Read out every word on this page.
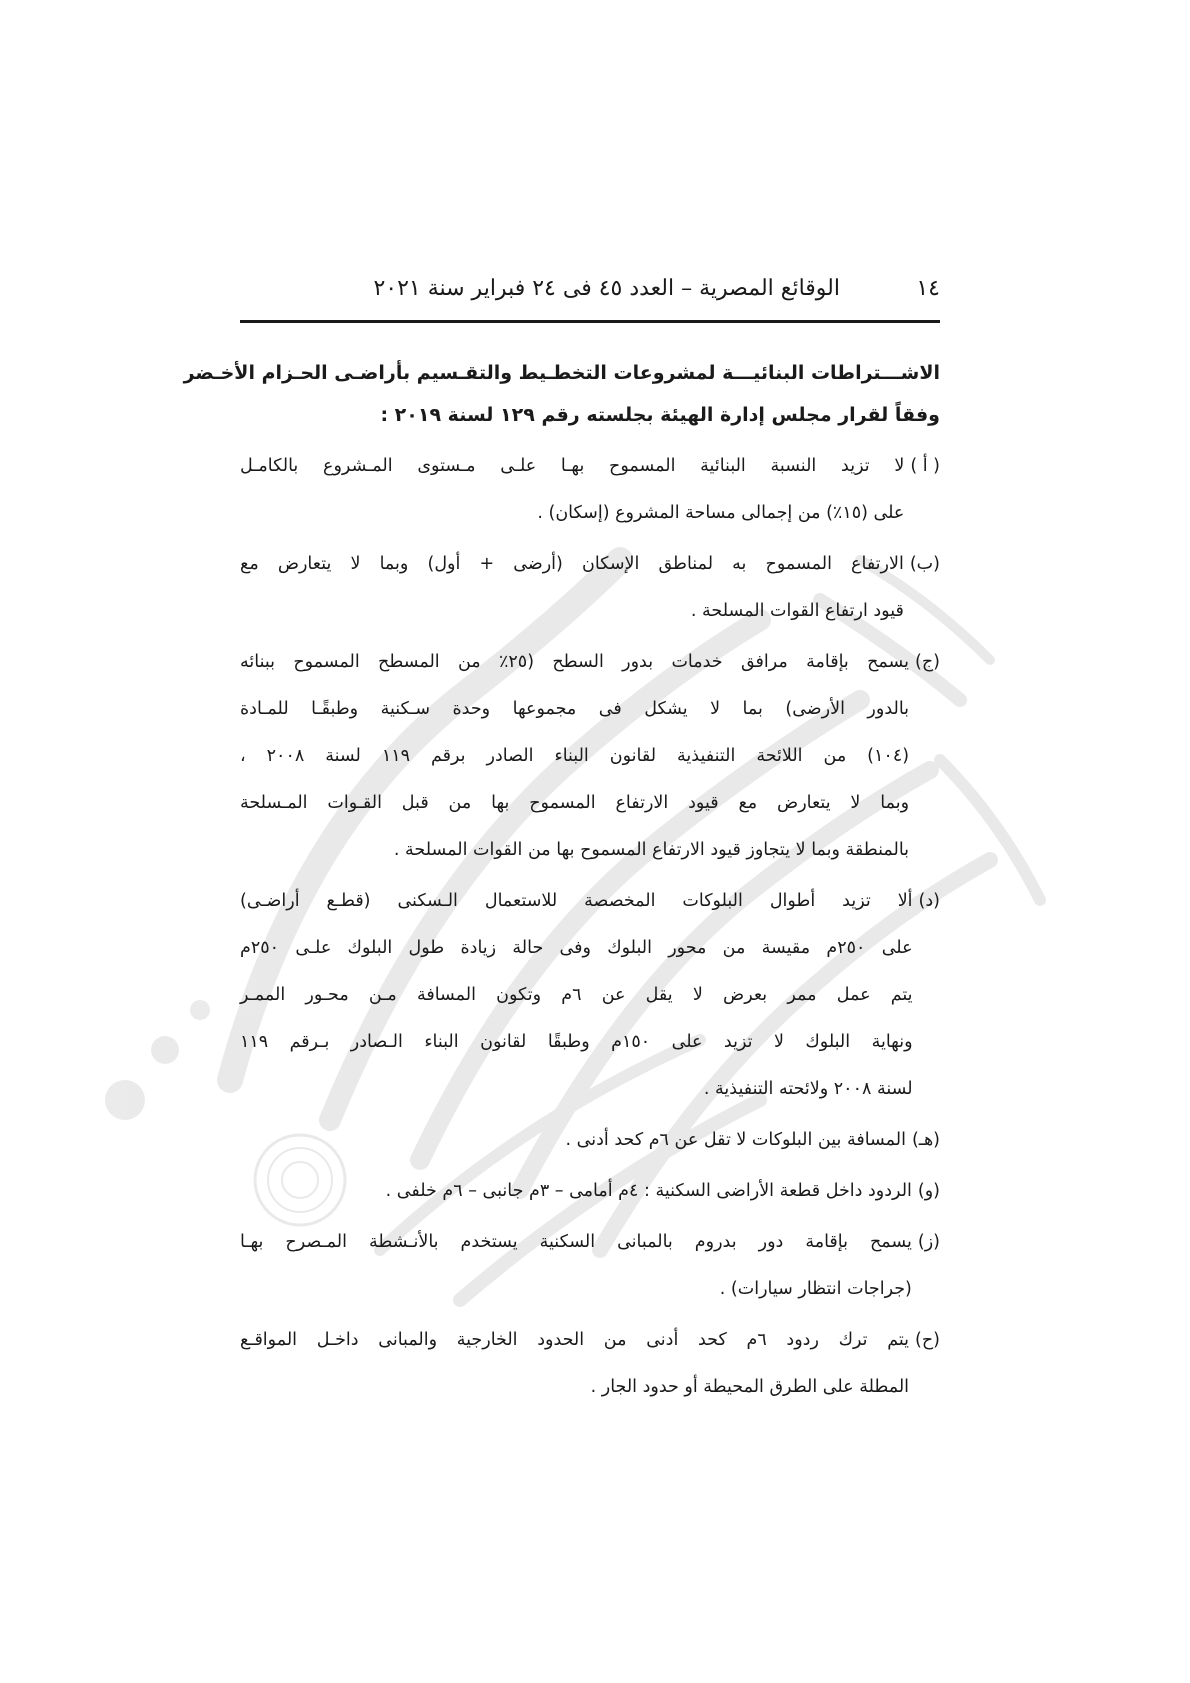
١٤
الوقائع المصرية – العدد ٤٥ فى ٢٤ فبراير سنة ٢٠٢١
الاشـــتراطات البنائيـــة لمشروعات التخطـيط والتقـسيم بأراضـى الحـزام الأخـضر
وفقاً لقرار مجلس إدارة الهيئة بجلسته رقم ١٢٩ لسنة ٢٠١٩ :
( أ )
لا تزيد النسبة البنائية المسموح بهـا علـى مـستوى المـشروع بالكامـل
على (١٥٪) من إجمالى مساحة المشروع (إسكان) .
(ب)
الارتفاع المسموح به لمناطق الإسكان (أرضى + أول) وبما لا يتعارض مع
قيود ارتفاع القوات المسلحة .
(ج)
يسمح بإقامة مرافق خدمات بدور السطح (٢٥٪ من المسطح المسموح ببنائه
بالدور الأرضى) بما لا يشكل فى مجموعها وحدة سـكنية وطبقًـا للمـادة
(١٠٤) من اللائحة التنفيذية لقانون البناء الصادر برقم ١١٩ لسنة ٢٠٠٨ ،
وبما لا يتعارض مع قيود الارتفاع المسموح بها من قبل القـوات المـسلحة
بالمنطقة وبما لا يتجاوز قيود الارتفاع المسموح بها من القوات المسلحة .
(د)
ألا تزيد أطوال البلوكات المخصصة للاستعمال الـسكنى (قطـع أراضـى)
على ٢٥٠م مقيسة من محور البلوك وفى حالة زيادة طول البلوك علـى ٢٥٠م
يتم عمل ممر بعرض لا يقل عن ٦م وتكون المسافة مـن محـور الممـر
ونهاية البلوك لا تزيد على ١٥٠م وطبقًا لقانون البناء الـصادر بـرقم ١١٩
لسنة ٢٠٠٨ ولائحته التنفيذية .
(هـ)
المسافة بين البلوكات لا تقل عن ٦م كحد أدنى .
(و)
الردود داخل قطعة الأراضى السكنية : ٤م أمامى – ٣م جانبى – ٦م خلفى .
(ز)
يسمح بإقامة دور بدروم بالمبانى السكنية يستخدم بالأنـشطة المـصرح بهـا
(جراجات انتظار سيارات) .
(ح)
يتم ترك ردود ٦م كحد أدنى من الحدود الخارجية والمبانى داخـل المواقـع
المطلة على الطرق المحيطة أو حدود الجار .
